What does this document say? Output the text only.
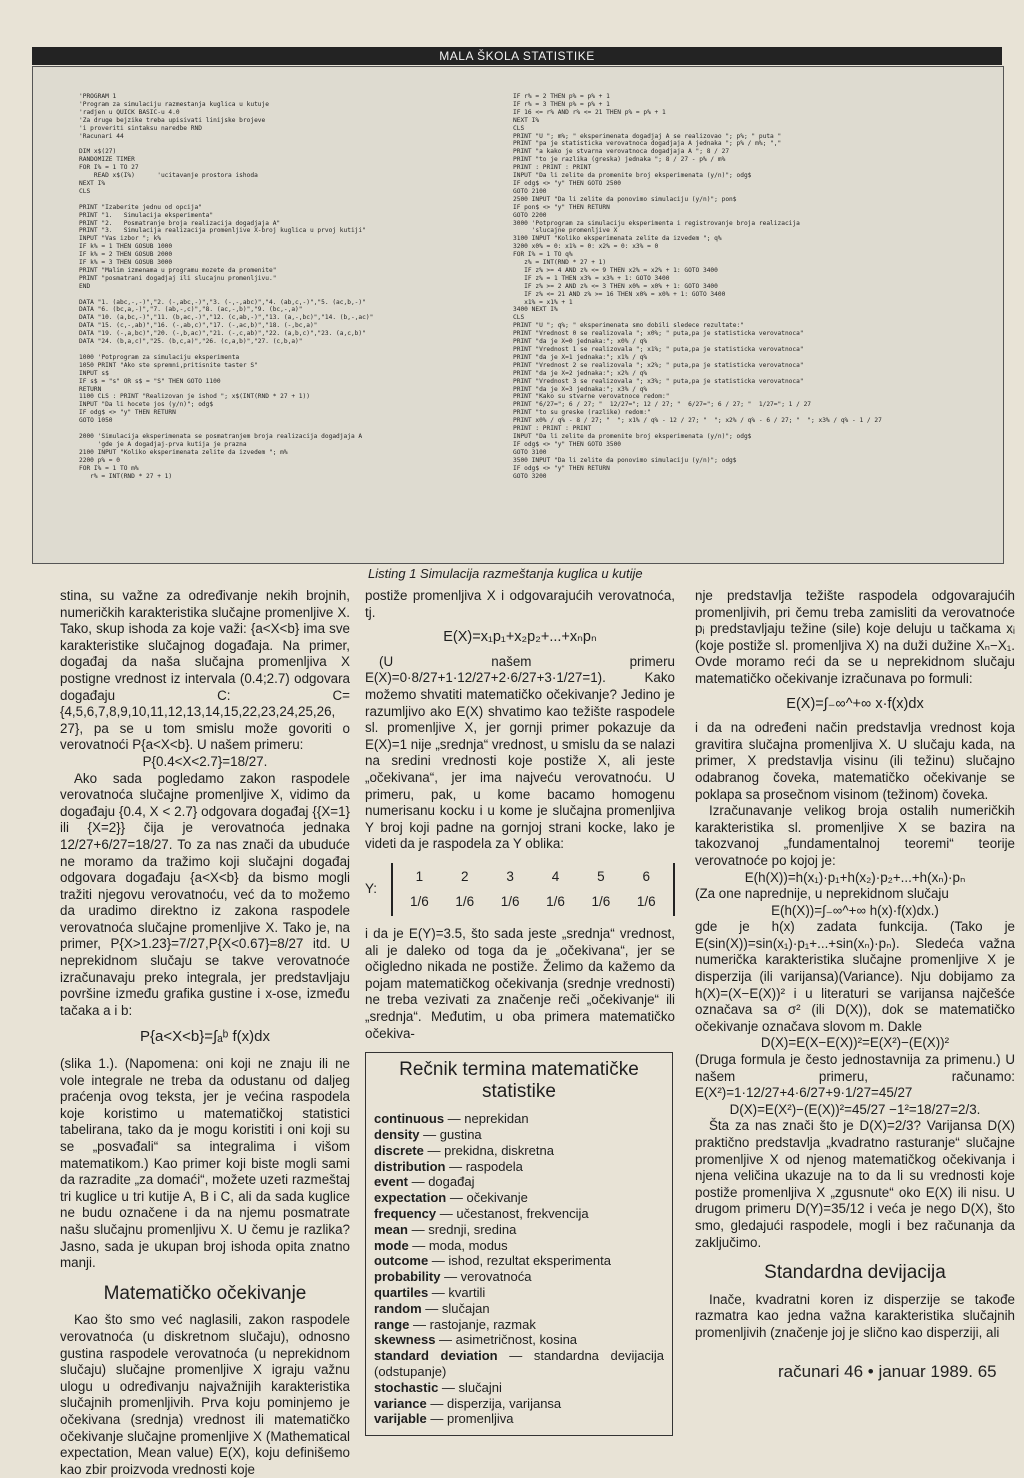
MALA ŠKOLA STATISTIKE
'PROGRAM 1
'Program za simulaciju razmestanja kuglica u kutuje
'radjen u QUICK BASIC-u 4.0
'Za druge bejzike treba upisivati linijske brojeve
'i proveriti sintaksu naredbe RND
'Racunari 44

DIM x$(27)
RANDOMIZE TIMER
FOR I% = 1 TO 27
READ x$(I%)      'ucitavanje prostora ishoda
NEXT I%
CLS

PRINT "Izaberite jednu od opcija"
PRINT "1.   Simulacija eksperimenta"
PRINT "2.   Posmatranje broja realizacija dogadjaja A"
PRINT "3.   Simulacija realizacija promenljive X-broj kuglica u prvoj kutiji"
INPUT "Vas izbor "; k%
IF k% = 1 THEN GOSUB 1000
IF k% = 2 THEN GOSUB 2000
IF k% = 3 THEN GOSUB 3000
PRINT "Malim izmenama u programu mozete da promenite"
PRINT "posmatrani dogadjaj ili slucajnu promenljivu."
END

DATA "1. (abc,-,-)","2. (-,abc,-)","3. (-,-,abc)","4. (ab,c,-)","5. (ac,b,-)"
DATA "6. (bc,a,-)","7. (ab,-,c)","8. (ac,-,b)","9. (bc,-,a)"
DATA "10. (a,bc,-)","11. (b,ac,-)","12. (c,ab,-)","13. (a,-,bc)","14. (b,-,ac)"
DATA "15. (c,-,ab)","16. (-,ab,c)","17. (-,ac,b)","18. (-,bc,a)"
DATA "19. (-,a,bc)","20. (-,b,ac)","21. (-,c,ab)","22. (a,b,c)","23. (a,c,b)"
DATA "24. (b,a,c)","25. (b,c,a)","26. (c,a,b)","27. (c,b,a)"

1000 'Potprogram za simulaciju eksperimenta
1050 PRINT "Ako ste spremni,pritisnite taster S"
INPUT s$
IF s$ = "s" OR s$ = "S" THEN GOTO 1100
RETURN
1100 CLS : PRINT "Realizovan je ishod "; x$(INT(RND * 27 + 1))
INPUT "Da li hocete jos (y/n)"; odg$
IF odg$ <> "y" THEN RETURN
GOTO 1050

2000 'Simulacija eksperimenata se posmatranjem broja realizacija dogadjaja A
'gde je A dogadjaj-prva kutija je prazna
2100 INPUT "Koliko eksperimenata zelite da izvedem "; m%
2200 p% = 0
FOR I% = 1 TO m%
r% = INT(RND * 27 + 1)
IF r% = 2 THEN p% = p% + 1
IF r% = 3 THEN p% = p% + 1
IF 16 <= r% AND r% <= 21 THEN p% = p% + 1
NEXT I%
CLS
PRINT "U "; m%; " eksperimenata dogadjaj A se realizovao "; p%; " puta "
PRINT "pa je statisticka verovatnoca dogadjaja A jednaka "; p% / m%; ","
PRINT "a kako je stvarna verovatnoca dogadjaja A "; 8 / 27
PRINT "to je razlika (greska) jednaka "; 8 / 27 - p% / m%
PRINT : PRINT : PRINT
INPUT "Da li zelite da promenite broj eksperimenata (y/n)"; odg$
IF odg$ <> "y" THEN GOTO 2500
GOTO 2100
2500 INPUT "Da li zelite da ponovimo simulaciju (y/n)"; pon$
IF pon$ <> "y" THEN RETURN
GOTO 2200
3000 'Potprogram za simulaciju eksperimenta i registrovanje broja realizacija
'slucajne promenljive X
3100 INPUT "Koliko eksperimenata zelite da izvedem "; q%
3200 x0% = 0: x1% = 0: x2% = 0: x3% = 0
FOR I% = 1 TO q%
z% = INT(RND * 27 + 1)
IF z% >= 4 AND z% <= 9 THEN x2% = x2% + 1: GOTO 3400
IF z% = 1 THEN x3% = x3% + 1: GOTO 3400
IF z% >= 2 AND z% <= 3 THEN x0% = x0% + 1: GOTO 3400
IF z% <= 21 AND z% >= 16 THEN x0% = x0% + 1: GOTO 3400
x1% = x1% + 1
3400 NEXT I%
CLS
PRINT "U "; q%; " eksperimenata smo dobili sledece rezultate:"
PRINT "Vrednost 0 se realizovala "; x0%; " puta,pa je statisticka verovatnoca"
PRINT "da je X=0 jednaka:"; x0% / q%
PRINT "Vrednost 1 se realizovala "; x1%; " puta,pa je statisticka verovatnoca"
PRINT "da je X=1 jednaka:"; x1% / q%
PRINT "Vrednost 2 se realizovala "; x2%; " puta,pa je statisticka verovatnoca"
PRINT "da je X=2 jednaka:"; x2% / q%
PRINT "Vrednost 3 se realizovala "; x3%; " puta,pa je statisticka verovatnoca"
PRINT "da je X=3 jednaka:"; x3% / q%
PRINT "Kako su stvarne verovatnoce redom:"
PRINT "6/27="; 6 / 27; "  12/27="; 12 / 27; "  6/27="; 6 / 27; "  1/27="; 1 / 27
PRINT "to su greske (razlike) redom:"
PRINT x0% / q% - 8 / 27; "  "; x1% / q% - 12 / 27; "  "; x2% / q% - 6 / 27; "  "; x3% / q% - 1 / 27
PRINT : PRINT : PRINT
INPUT "Da li zelite da promenite broj eksperimenata (y/n)"; odg$
IF odg$ <> "y" THEN GOTO 3500
GOTO 3100
3500 INPUT "Da li zelite da ponovimo simulaciju (y/n)"; odg$
IF odg$ <> "y" THEN RETURN
GOTO 3200
Listing 1 Simulacija razmeštanja kuglica u kutije

stina, su važne za određivanje nekih brojnih, numeričkih karakteristika slučajne promenljive X. Tako, skup ishoda za koje važi: {a<X<b} ima sve karakteristike slučajnog događaja. Na primer, događaj da naša slučajna promenljiva X postigne vrednost iz intervala (0.4;2.7) odgovara događaju C: C={4,5,6,7,8,9,10,11,12,13,14,15,22,23,24,25,26, 27}, pa se u tom smislu može govoriti o verovatnoći P{a<X<b}. U našem primeru:

P{0.4<X<2.7}=18/27.

Ako sada pogledamo zakon raspodele verovatnoća slučajne promenljive X, vidimo da događaju {0.4, X < 2.7} odgovara događaj {{X=1} ili {X=2}} čija je verovatnoća jednaka 12/27+6/27=18/27. To za nas znači da ubuduće ne moramo da tražimo koji slučajni događaj odgovara događaju {a<X<b} da bismo mogli tražiti njegovu verovatnoću, već da to možemo da uradimo direktno iz zakona raspodele verovatnoća slučajne promenljive X. Tako je, na primer, P{X>1.23}=7/27,P{X<0.67}=8/27 itd. U neprekidnom slučaju se takve verovatnoće izračunavaju preko integrala, jer predstavljaju površine između grafika gustine i x-ose, između tačaka a i b:

P{a<X<b}=∫ₐᵇ f(x)dx

(slika 1.). (Napomena: oni koji ne znaju ili ne vole integrale ne treba da odustanu od daljeg praćenja ovog teksta, jer je većina raspodela koje koristimo u matematičkoj statistici tabelirana, tako da je mogu koristiti i oni koji su se „posvađali“ sa integralima i višom matematikom.) Kao primer koji biste mogli sami da razradite „za domaći“, možete uzeti razmeštaj tri kuglice u tri kutije A, B i C, ali da sada kuglice ne budu označene i da na njemu posmatrate našu slučajnu promenljivu X. U čemu je razlika? Jasno, sada je ukupan broj ishoda opita znatno manji.

Matematičko očekivanje

Kao što smo već naglasili, zakon raspodele verovatnoća (u diskretnom slučaju), odnosno gustina raspodele verovatnoća (u neprekidnom slučaju) slučajne promenljive X igraju važnu ulogu u određivanju najvažnijih karakteristika slučajnih promenljivih. Prva koju pominjemo je očekivana (srednja) vrednost ili matematičko očekivanje slučajne promenljive X (Mathematical expectation, Mean value) E(X), koju definišemo kao zbir proizvoda vrednosti koje

postiže promenljiva X i odgovarajućih verovatnoća, tj.

E(X)=x₁p₁+x₂p₂+...+xₙpₙ

(U našem primeru E(X)=0·8/27+1·12/27+2·6/27+3·1/27=1). Kako možemo shvatiti matematičko očekivanje? Jedino je razumljivo ako E(X) shvatimo kao težište raspodele sl. promenljive X, jer gornji primer pokazuje da E(X)=1 nije „srednja“ vrednost, u smislu da se nalazi na sredini vrednosti koje postiže X, ali jeste „očekivana“, jer ima najveću verovatnoću. U primeru, pak, u kome bacamo homogenu numerisanu kocku i u kome je slučajna promenljiva Y broj koji padne na gornjoj strani kocke, lako je videti da je raspodela za Y oblika:

Y:
1	2	3	4	5	6
1/6	1/6	1/6	1/6	1/6	1/6

i da je E(Y)=3.5, što sada jeste „srednja“ vrednost, ali je daleko od toga da je „očekivana“, jer se očigledno nikada ne postiže. Želimo da kažemo da pojam matematičkog očekivanja (srednje vrednosti) ne treba vezivati za značenje reči „očekivanje“ ili „srednja“. Međutim, u oba primera matematičko očekiva-

Rečnik termina matematičke statistike
continuous — neprekidan
density — gustina
discrete — prekidna, diskretna
distribution — raspodela
event — događaj
expectation — očekivanje
frequency — učestanost, frekvencija
mean — srednji, sredina
mode — moda, modus
outcome — ishod, rezultat eksperimenta
probability — verovatnoća
quartiles — kvartili
random — slučajan
range — rastojanje, razmak
skewness — asimetričnost, kosina
standard deviation — standardna devijacija (odstupanje)
stochastic — slučajni
variance — disperzija, varijansa
varijable — promenljiva

nje predstavlja težište raspodela odgovarajućih promenljivih, pri čemu treba zamisliti da verovatnoće pᵢ predstavljaju težine (sile) koje deluju u tačkama xᵢ (koje postiže sl. promenljiva X) na duži dužine Xₙ−X₁. Ovde moramo reći da se u neprekidnom slučaju matematičko očekivanje izračunava po formuli:

E(X)=∫₋∞^+∞ x·f(x)dx

i da na određeni način predstavlja vrednost koja gravitira slučajna promenljiva X. U slučaju kada, na primer, X predstavlja visinu (ili težinu) slučajno odabranog čoveka, matematičko očekivanje se poklapa sa prosečnom visinom (težinom) čoveka.

Izračunavanje velikog broja ostalih numeričkih karakteristika sl. promenljive X se bazira na takozvanoj „fundamentalnoj teoremi“ teorije verovatnoće po kojoj je:

E(h(X))=h(x₁)·p₁+h(x₂)·p₂+...+h(xₙ)·pₙ

(Za one naprednije, u neprekidnom slučaju

E(h(X))=∫₋∞^+∞ h(x)·f(x)dx.)

gde je h(x) zadata funkcija. (Tako je E(sin(X))=sin(x₁)·p₁+...+sin(xₙ)·pₙ). Sledeća važna numerička karakteristika slučajne promenljive X je disperzija (ili varijansa)(Variance). Nju dobijamo za h(X)=(X−E(X))² i u literaturi se varijansa najčešće označava sa σ² (ili D(X)), dok se matematičko očekivanje označava slovom m. Dakle

D(X)=E(X−E(X))²=E(X²)−(E(X))²

(Druga formula je često jednostavnija za primenu.) U našem primeru, računamo: E(X²)=1·12/27+4·6/27+9·1/27=45/27

D(X)=E(X²)−(E(X))²=45/27 −1²=18/27=2/3.

Šta za nas znači što je D(X)=2/3? Varijansa D(X) praktično predstavlja „kvadratno rasturanje“ slučajne promenljive X od njenog matematičkog očekivanja i njena veličina ukazuje na to da li su vrednosti koje postiže promenljiva X „zgusnute“ oko E(X) ili nisu. U drugom primeru D(Y)=35/12 i veća je nego D(X), što smo, gledajući raspodele, mogli i bez računanja da zaključimo.

Standardna devijacija

Inače, kvadratni koren iz disperzije se takođe razmatra kao jedna važna karakteristika slučajnih promenljivih (značenje joj je slično kao disperziji, ali

računari 46 • januar 1989. 65
